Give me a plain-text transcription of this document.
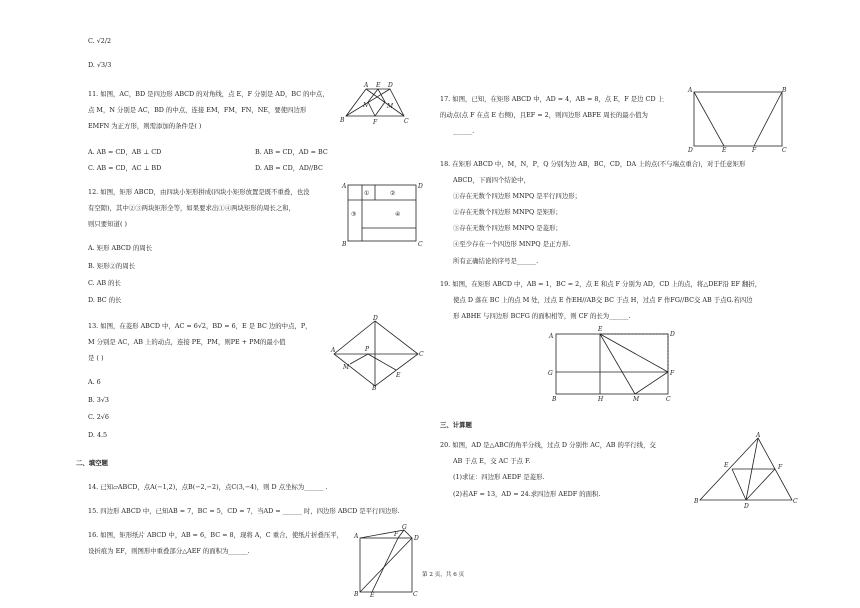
C. √2/2
D. √3/3
11. 如图，AC，BD 是四边形 ABCD 的对角线，点 E，F 分别是 AD，BC 的中点，
点 M，N 分别是 AC，BD 的中点，连接 EM，FM，FN，NE，要使四边形
EMFN 为正方形，则需添加的条件是( )
A. AB = CD，AB ⊥ CD	B. AB = CD，AD = BC
C. AB = CD，AC ⊥ BD	D. AB = CD，AD//BC
12. 如图，矩形 ABCD，由四块小矩形拼成(四块小矩形放置是既不重叠，也没
有空隙)，其中②③两块矩形全等，如果要求出①④两块矩形的周长之和，
则只要知道( )
A. 矩形 ABCD 的周长
B. 矩形②的周长
C. AB 的长
D. BC 的长
13. 如图，在菱形 ABCD 中，AC = 6√2，BD = 6，E 是 BC 边的中点，P，
M 分别是 AC，AB 上的动点，连接 PE，PM，则PE + PM的最小值
是 ( )
A. 6
B. 3√3
C. 2√6
D. 4.5
二、填空题
14. 已知▱ABCD，点A(−1,2)，点B(−2,−2)，点C(3,−4)，则 D 点坐标为______ .
15. 四边形 ABCD 中，已知AB = 7，BC = 5，CD = 7，当AD = ______ 时，四边形 ABCD 是平行四边形.
16. 如图，矩形纸片 ABCD 中，AB = 6，BC = 8，现将 A，C 重合，使纸片折叠压平，
设折痕为 EF，则图形中重叠部分△AEF 的面积为______.
A E D
B	F	C
M
N
A	D
B	C
①	②
③	④
D
C
A
B
P
M
E
A	D
F
G
B E	C
17. 如图，已知，在矩形 ABCD 中，AD = 4，AB = 8，点 E，F 是边 CD 上
的动点(点 F 在点 E 右侧)，且EF = 2，则四边形 ABFE 周长的最小值为
______.
18. 在矩形 ABCD 中，M，N，P，Q 分别为边 AB，BC，CD，DA 上的点(不与端点重合)，对于任意矩形
ABCD，下面四个结论中，
①存在无数个四边形 MNPQ 是平行四边形；
②存在无数个四边形 MNPQ 是矩形；
③存在无数个四边形 MNPQ 是菱形；
④至少存在一个四边形 MNPQ 是正方形.
所有正确结论的序号是______.
19. 如图，在矩形 ABCD 中，AB = 1，BC = 2，点 E 和点 F 分别为 AD，CD 上的点，将△DEF沿 EF 翻折，
使点 D 落在 BC 上的点 M 处，过点 E 作EH//AB交 BC 于点 H，过点 F 作FG//BC交 AB 于点G.若四边
形 ABHE 与四边形 BCFG 的面积相等，则 CF 的长为______.
三、计算题
20. 如图，AD 是△ABC的角平分线，过点 D 分别作 AC，AB 的平行线，交
AB 于点 E，交 AC 于点 F.
(1)求证：四边形 AEDF 是菱形.
(2)若AF = 13，AD = 24.求四边形 AEDF 的面积.
A	B
D	E	F	C
A
E
D
G	F
B	H	M	C
A
E	F
B
D
C
第 2 页，共 6 页
